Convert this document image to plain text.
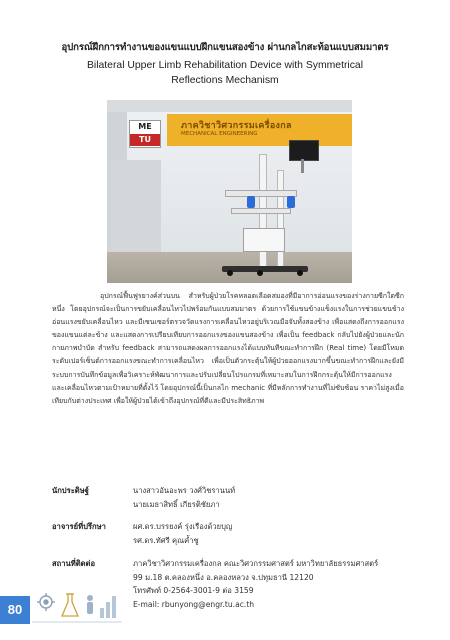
อุปกรณ์ฝึกการทำงานของแขนแบบฝึกแขนสองข้าง ผ่านกลไกสะท้อนแบบสมมาตร
Bilateral Upper Limb Rehabilitation Device with Symmetrical
Reflections Mechanism
ภาควิชาวิศวกรรมเครื่องกล
MECHANICAL ENGINEERING
ME
TU

อุปกรณ์ฟื้นฟูรยางค์ส่วนบน สำหรับผู้ป่วยโรคหลอดเลือดสมองที่มีอาการอ่อนแรงของร่างกายซีกใดซีกหนึ่ง โดยอุปกรณ์จะเป็นการขยับเคลื่อนไหวไปพร้อมกันแบบสมมาตร ด้วยการใช้แขนข้างแข็งแรงในการช่วยแขนข้างอ่อนแรงขยับเคลื่อนไหว และมีเซนเซอร์ตรวจวัดแรงการเคลื่อนไหวอยู่บริเวณมือจับทั้งสองข้าง เพื่อแสดงถึงการออกแรงของแขนแต่ละข้าง และแสดงการเปรียบเทียบการออกแรงของแขนสองข้าง เพื่อเป็น feedback กลับไปยังผู้ป่วยและนักกายภาพบำบัด สำหรับ feedback สามารถแสดงผลการออกแรงได้แบบทันทีขณะทำการฝึก (Real time) โดยมีโหมดระดับเปอร์เซ็นต์การออกแรงขณะทำการเคลื่อนไหว เพื่อเป็นตัวกระตุ้นให้ผู้ป่วยออกแรงมากขึ้นขณะทำการฝึกและยังมีระบบการบันทึกข้อมูลเพื่อวิเคราะห์พัฒนาการและปรับเปลี่ยนโปรแกรมที่เหมาะสมในการฝึกกระตุ้นให้มีการออกแรงและเคลื่อนไหวตามเป้าหมายที่ตั้งไว้ โดยอุปกรณ์นี้เป็นกลไก mechanic ที่มีหลักการทำงานที่ไม่ซับซ้อน ราคาไม่สูงเมื่อเทียบกับต่างประเทศ เพื่อให้ผู้ป่วยได้เข้าถึงอุปกรณ์ที่ดีและมีประสิทธิภาพ

นักประดิษฐ์	นางสาวอันอะพร วงศ์วิชรานนท์
นายเมธาสิทธิ์ เกียรติชัยภา
อาจารย์ที่ปรึกษา	ผศ.ดร.บรรยงค์ รุ่งเรืองด้วยบุญ
รศ.ดร.ทัศรี คุณค้ำชู
สถานที่ติดต่อ	ภาควิชาวิศวกรรมเครื่องกล คณะวิศวกรรมศาสตร์ มหาวิทยาลัยธรรมศาสตร์
99 ม.18 ต.คลองหนึ่ง อ.คลองหลวง จ.ปทุมธานี 12120
โทรศัพท์ 0-2564-3001-9 ต่อ 3159
E-mail: rbunyong@engr.tu.ac.th
80
